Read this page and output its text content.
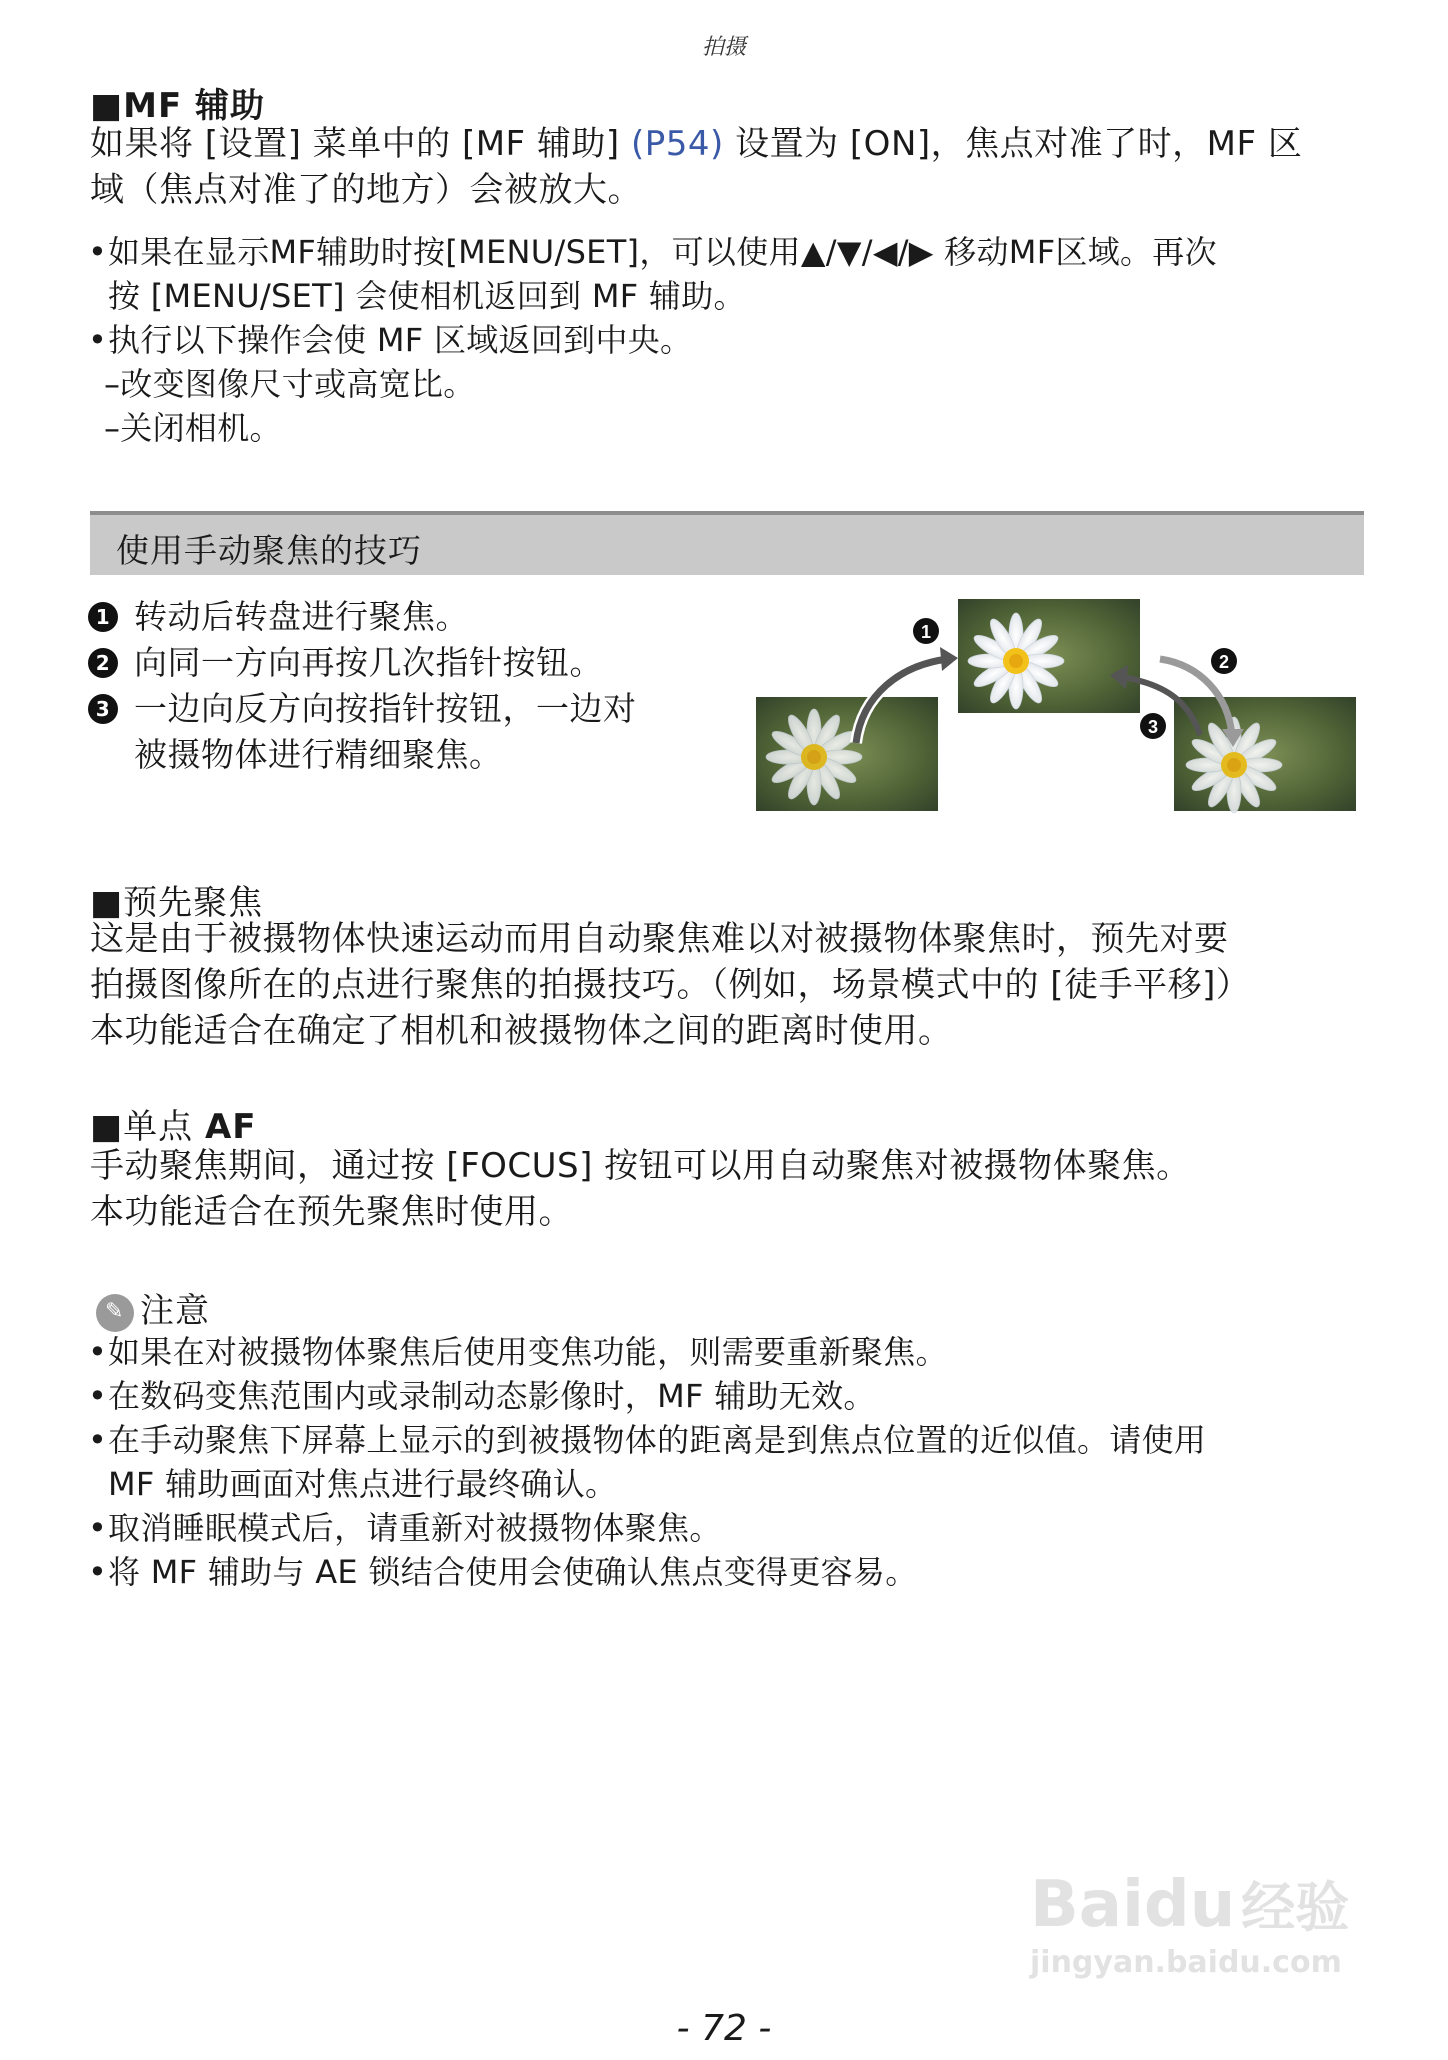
拍摄
■MF 辅助
如果将 [设置] 菜单中的 [MF 辅助] (P54) 设置为 [ON]，焦点对准了时，MF 区
域（焦点对准了的地方）会被放大。
• 如果在显示MF辅助时按[MENU/SET]，可以使用▲/▼/◀/▶ 移动MF区域。再次
按 [MENU/SET] 会使相机返回到 MF 辅助。
• 执行以下操作会使 MF 区域返回到中央。
–改变图像尺寸或高宽比。
–关闭相机。
使用手动聚焦的技巧
1 转动后转盘进行聚焦。
2 向同一方向再按几次指针按钮。
3 一边向反方向按指针按钮，一边对
被摄物体进行精细聚焦。
1
2
3
■预先聚焦
这是由于被摄物体快速运动而用自动聚焦难以对被摄物体聚焦时，预先对要
拍摄图像所在的点进行聚焦的拍摄技巧。（例如，场景模式中的 [徒手平移]）
本功能适合在确定了相机和被摄物体之间的距离时使用。
■单点 AF
手动聚焦期间，通过按 [FOCUS] 按钮可以用自动聚焦对被摄物体聚焦。
本功能适合在预先聚焦时使用。
✎注意
• 如果在对被摄物体聚焦后使用变焦功能，则需要重新聚焦。
• 在数码变焦范围内或录制动态影像时，MF 辅助无效。
• 在手动聚焦下屏幕上显示的到被摄物体的距离是到焦点位置的近似值。请使用
MF 辅助画面对焦点进行最终确认。
• 取消睡眠模式后，请重新对被摄物体聚焦。
• 将 MF 辅助与 AE 锁结合使用会使确认焦点变得更容易。
Baidu 经验
jingyan.baidu.com
- 72 -
